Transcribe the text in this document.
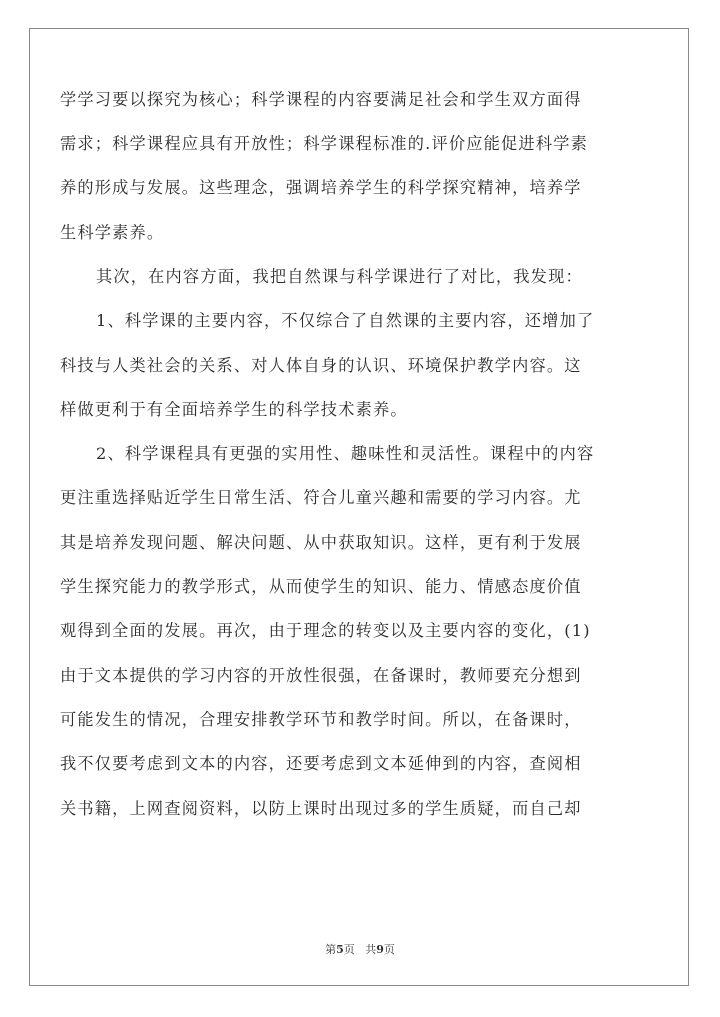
学学习要以探究为核心；科学课程的内容要满足社会和学生双方面得
需求；科学课程应具有开放性；科学课程标准的.评价应能促进科学素
养的形成与发展。这些理念，强调培养学生的科学探究精神，培养学
生科学素养。
其次，在内容方面，我把自然课与科学课进行了对比，我发现：
1、科学课的主要内容，不仅综合了自然课的主要内容，还增加了
科技与人类社会的关系、对人体自身的认识、环境保护教学内容。这
样做更利于有全面培养学生的科学技术素养。
2、科学课程具有更强的实用性、趣味性和灵活性。课程中的内容
更注重选择贴近学生日常生活、符合儿童兴趣和需要的学习内容。尤
其是培养发现问题、解决问题、从中获取知识。这样，更有利于发展
学生探究能力的教学形式，从而使学生的知识、能力、情感态度价值
观得到全面的发展。再次，由于理念的转变以及主要内容的变化，(1)
由于文本提供的学习内容的开放性很强，在备课时，教师要充分想到
可能发生的情况，合理安排教学环节和教学时间。所以，在备课时，
我不仅要考虑到文本的内容，还要考虑到文本延伸到的内容，查阅相
关书籍，上网查阅资料，以防上课时出现过多的学生质疑，而自己却
第5页   共9页
